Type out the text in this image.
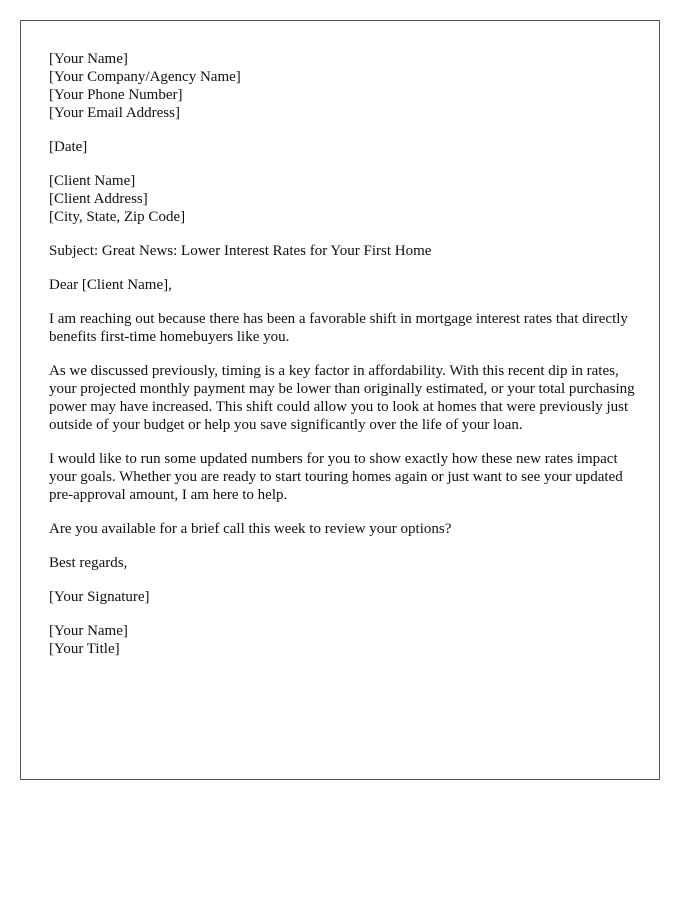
[Your Name]
[Your Company/Agency Name]
[Your Phone Number]
[Your Email Address]
[Date]
[Client Name]
[Client Address]
[City, State, Zip Code]

Subject: Great News: Lower Interest Rates for Your First Home

Dear [Client Name],

I am reaching out because there has been a favorable shift in mortgage interest rates that directly benefits first-time homebuyers like you.

As we discussed previously, timing is a key factor in affordability. With this recent dip in rates, your projected monthly payment may be lower than originally estimated, or your total purchasing power may have increased. This shift could allow you to look at homes that were previously just outside of your budget or help you save significantly over the life of your loan.

I would like to run some updated numbers for you to show exactly how these new rates impact your goals. Whether you are ready to start touring homes again or just want to see your updated pre-approval amount, I am here to help.

Are you available for a brief call this week to review your options?

Best regards,

[Your Signature]

[Your Name]
[Your Title]
